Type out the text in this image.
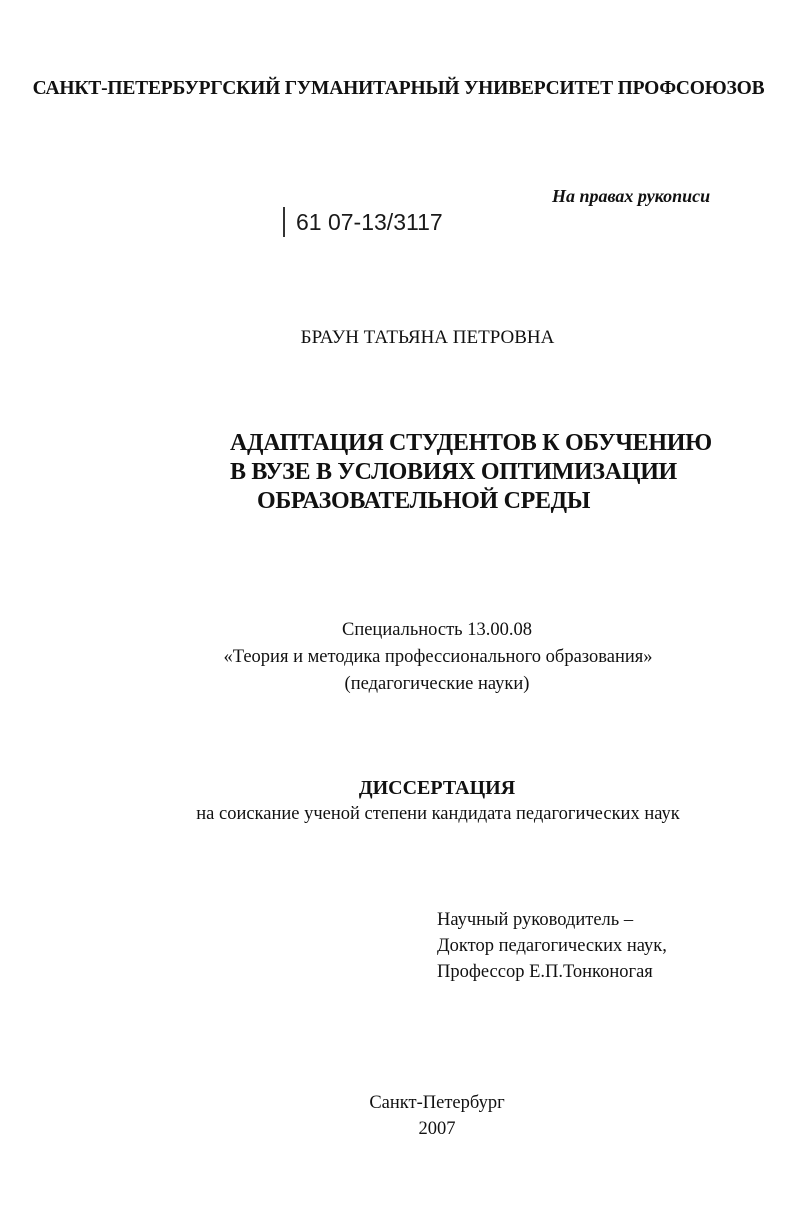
САНКТ-ПЕТЕРБУРГСКИЙ ГУМАНИТАРНЫЙ УНИВЕРСИТЕТ ПРОФСОЮЗОВ
На правах рукописи
61 07-13/3117
БРАУН ТАТЬЯНА ПЕТРОВНА
АДАПТАЦИЯ СТУДЕНТОВ К ОБУЧЕНИЮ
В ВУЗЕ В УСЛОВИЯХ ОПТИМИЗАЦИИ
ОБРАЗОВАТЕЛЬНОЙ СРЕДЫ
Специальность 13.00.08
«Теория и методика профессионального образования»
(педагогические науки)
ДИССЕРТАЦИЯ
на соискание ученой степени кандидата педагогических наук
Научный руководитель –
Доктор педагогических наук,
Профессор Е.П.Тонконогая
Санкт-Петербург
2007
